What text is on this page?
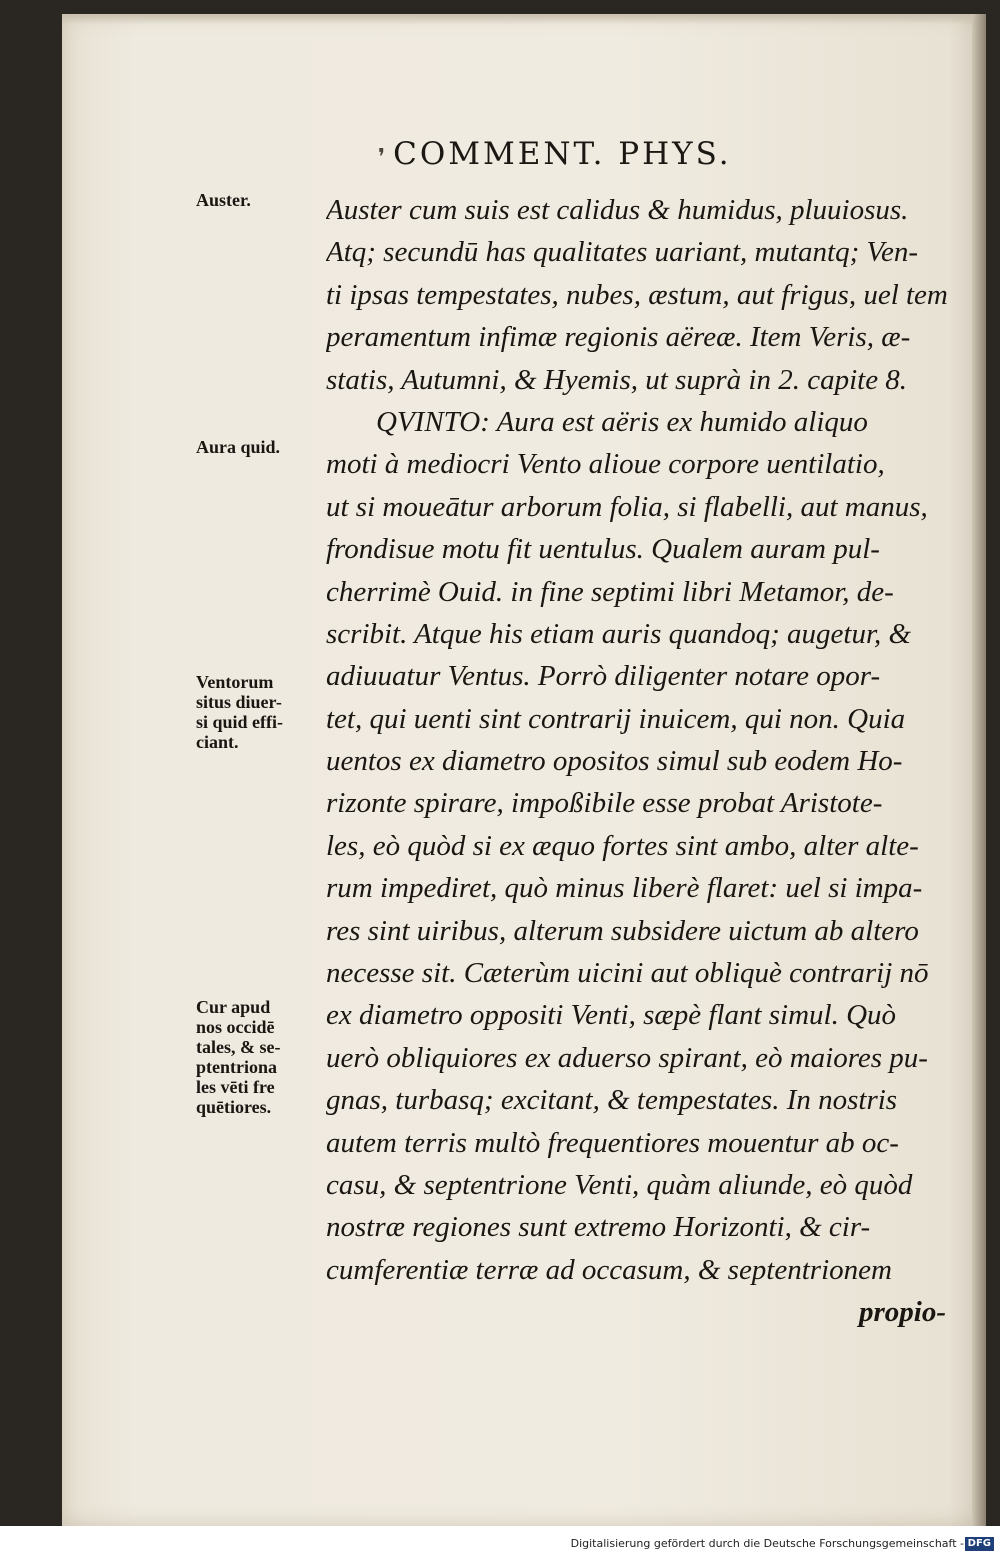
❜ COMMENT. PHYS.
Auster.
Aura quid.
Ventorum
situs diuer-
si quid effi-
ciant.
Cur apud
nos occidē
tales, & se-
ptentriona
les vēti fre
quētiores.
Auster cum suis est calidus & humidus, pluuiosus.
Atq; secundū has qualitates uariant, mutantq; Ven-
ti ipsas tempestates, nubes, æstum, aut frigus, uel tem
peramentum infimæ regionis aëreæ. Item Veris, æ-
statis, Autumni, & Hyemis, ut suprà in 2. capite 8.
QVINTO: Aura est aëris ex humido aliquo
moti à mediocri Vento alioue corpore uentilatio,
ut si moueātur arborum folia, si flabelli, aut manus,
frondisue motu fit uentulus. Qualem auram pul-
cherrimè Ouid. in fine septimi libri Metamor, de-
scribit. Atque his etiam auris quandoq; augetur, &
adiuuatur Ventus. Porrò diligenter notare opor-
tet, qui uenti sint contrarij inuicem, qui non. Quia
uentos ex diametro opositos simul sub eodem Ho-
rizonte spirare, impoßibile esse probat Aristote-
les, eò quòd si ex æquo fortes sint ambo, alter alte-
rum impediret, quò minus liberè flaret: uel si impa-
res sint uiribus, alterum subsidere uictum ab altero
necesse sit. Cæterùm uicini aut obliquè contrarij nō
ex diametro oppositi Venti, sæpè flant simul. Quò
uerò obliquiores ex aduerso spirant, eò maiores pu-
gnas, turbasq; excitant, & tempestates. In nostris
autem terris multò frequentiores mouentur ab oc-
casu, & septentrione Venti, quàm aliunde, eò quòd
nostræ regiones sunt extremo Horizonti, & cir-
cumferentiæ terræ ad occasum, & septentrionem
propio-
Digitalisierung gefördert durch die Deutsche Forschungsgemeinschaft - DFG
